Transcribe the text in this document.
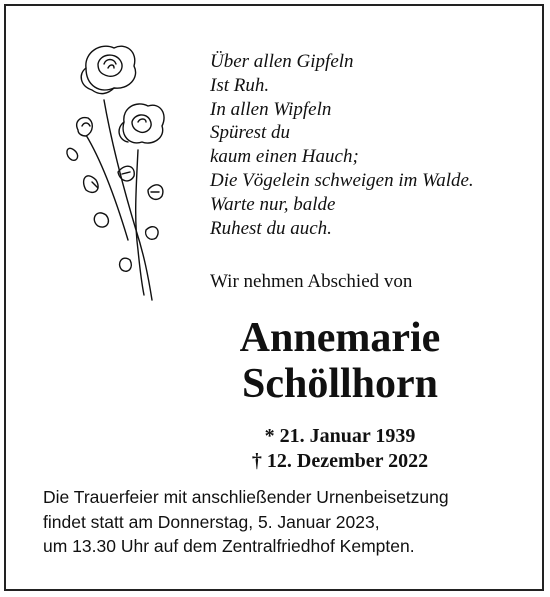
Über allen Gipfeln
Ist Ruh.
In allen Wipfeln
Spürest du
kaum einen Hauch;
Die Vögelein schweigen im Walde.
Warte nur, balde
Ruhest du auch.
Wir nehmen Abschied von
Annemarie
Schöllhorn
* 21. Januar 1939
† 12. Dezember 2022
Die Trauerfeier mit anschließender Urnenbeisetzung
findet statt am Donnerstag, 5. Januar 2023,
um 13.30 Uhr auf dem Zentralfriedhof Kempten.
